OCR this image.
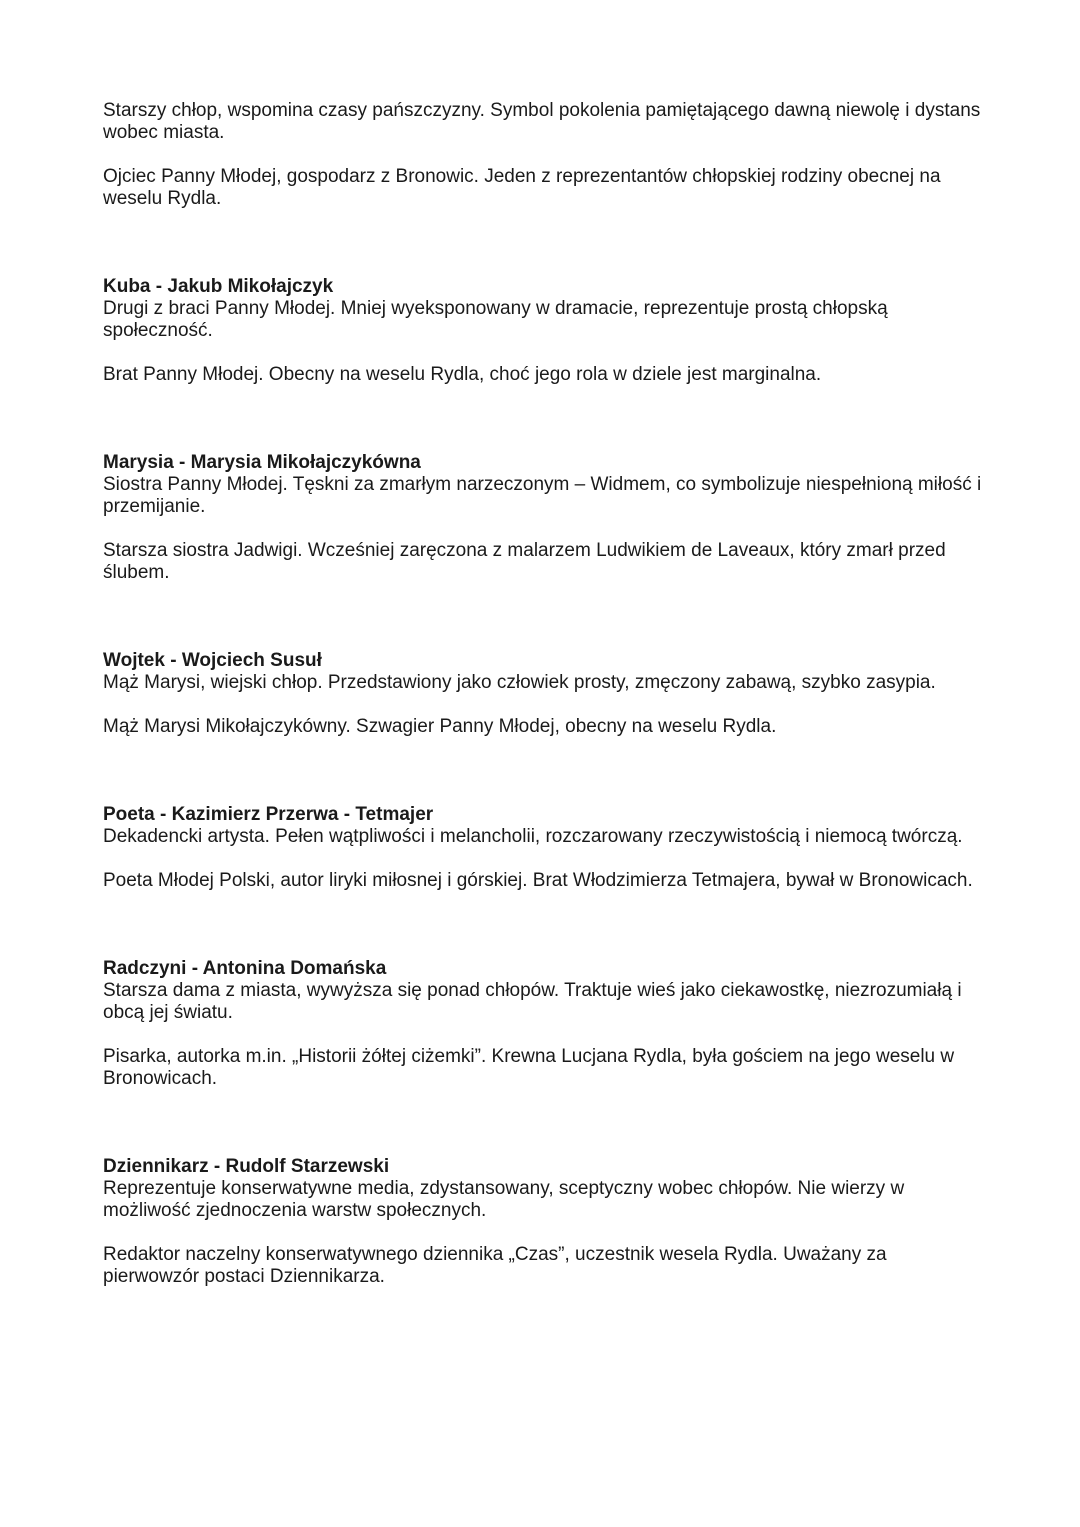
Starszy chłop, wspomina czasy pańszczyzny. Symbol pokolenia pamiętającego dawną niewolę i dystans wobec miasta.

Ojciec Panny Młodej, gospodarz z Bronowic. Jeden z reprezentantów chłopskiej rodziny obecnej na weselu Rydla.

Kuba - Jakub Mikołajczyk

Drugi z braci Panny Młodej. Mniej wyeksponowany w dramacie, reprezentuje prostą chłopską społeczność.

Brat Panny Młodej. Obecny na weselu Rydla, choć jego rola w dziele jest marginalna.

Marysia - Marysia Mikołajczykówna

Siostra Panny Młodej. Tęskni za zmarłym narzeczonym – Widmem, co symbolizuje niespełnioną miłość i przemijanie.

Starsza siostra Jadwigi. Wcześniej zaręczona z malarzem Ludwikiem de Laveaux, który zmarł przed ślubem.

Wojtek - Wojciech Susuł

Mąż Marysi, wiejski chłop. Przedstawiony jako człowiek prosty, zmęczony zabawą, szybko zasypia.

Mąż Marysi Mikołajczykówny. Szwagier Panny Młodej, obecny na weselu Rydla.

Poeta - Kazimierz Przerwa - Tetmajer

Dekadencki artysta. Pełen wątpliwości i melancholii, rozczarowany rzeczywistością i niemocą twórczą.

Poeta Młodej Polski, autor liryki miłosnej i górskiej. Brat Włodzimierza Tetmajera, bywał w Bronowicach.

Radczyni - Antonina Domańska

Starsza dama z miasta, wywyższa się ponad chłopów. Traktuje wieś jako ciekawostkę, niezrozumiałą i obcą jej światu.

Pisarka, autorka m.in. „Historii żółtej ciżemki”. Krewna Lucjana Rydla, była gościem na jego weselu w Bronowicach.

Dziennikarz - Rudolf Starzewski

Reprezentuje konserwatywne media, zdystansowany, sceptyczny wobec chłopów. Nie wierzy w możliwość zjednoczenia warstw społecznych.

Redaktor naczelny konserwatywnego dziennika „Czas”, uczestnik wesela Rydla. Uważany za pierwowzór postaci Dziennikarza.
